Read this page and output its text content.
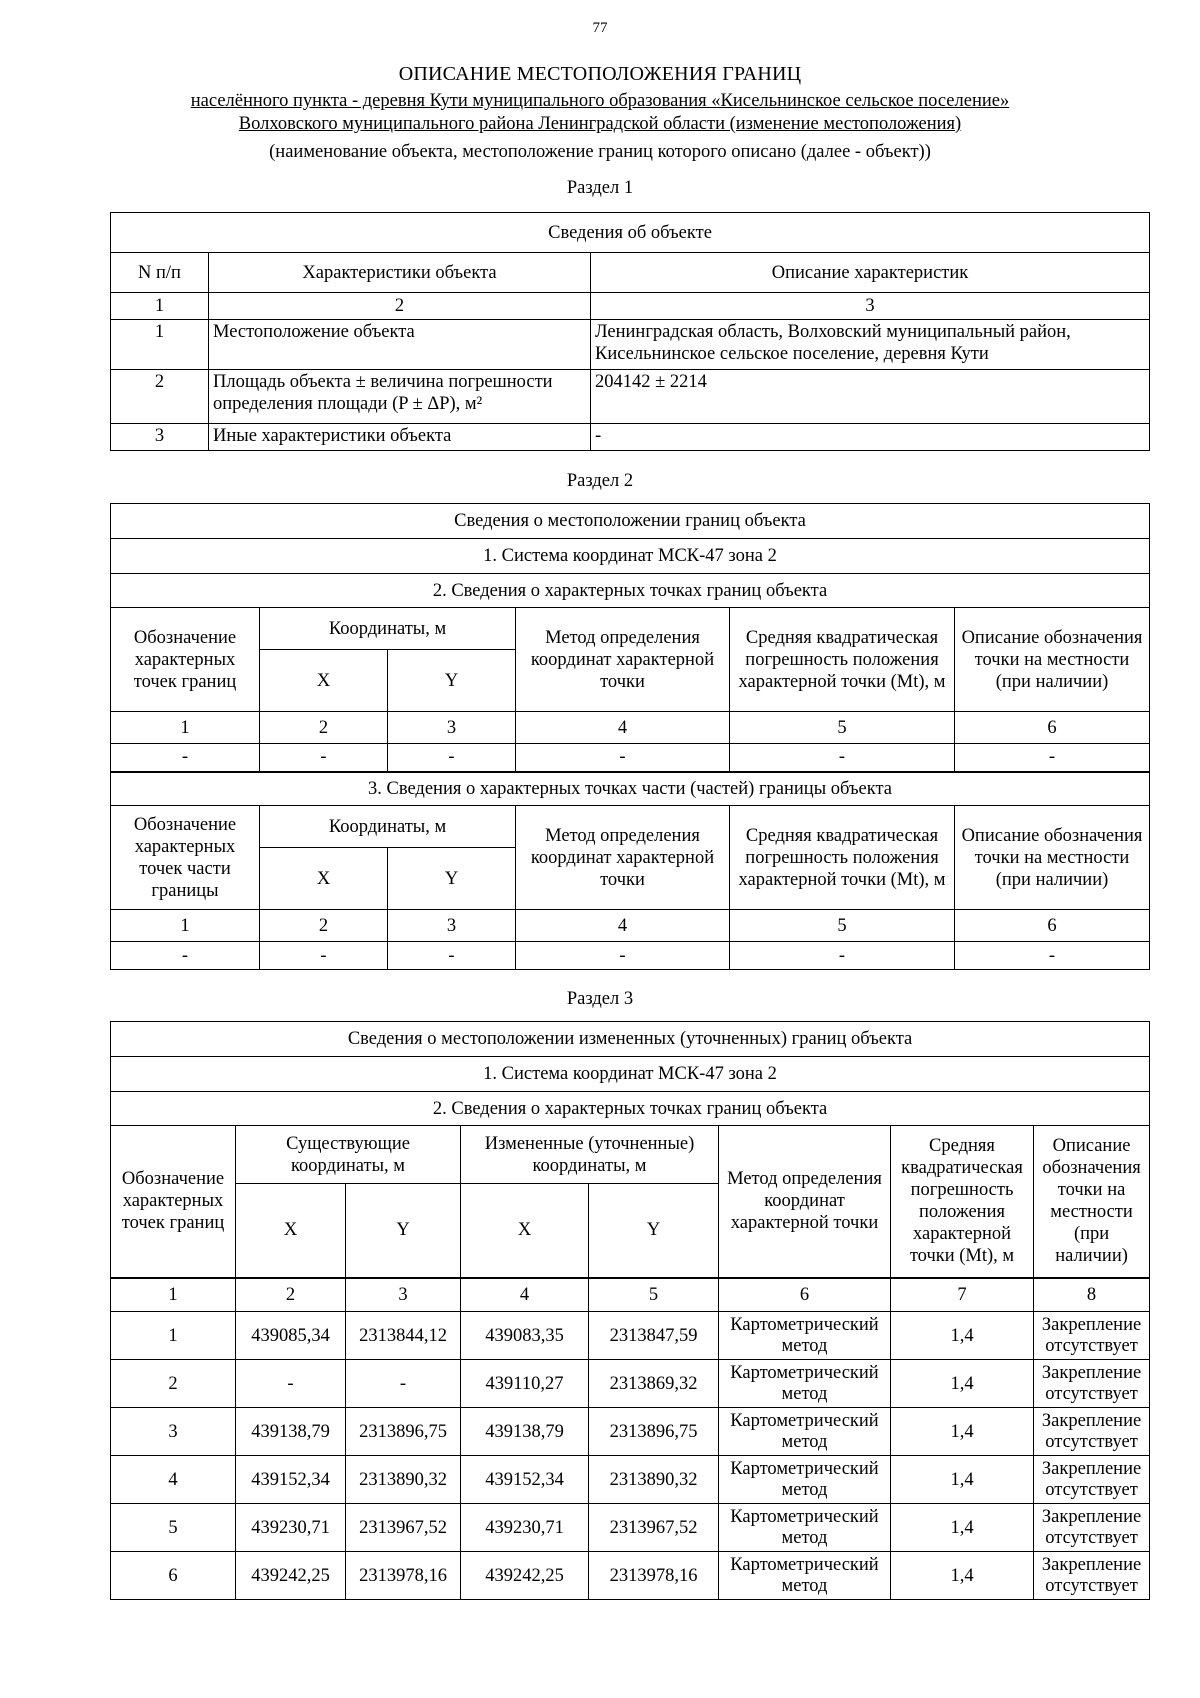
77
ОПИСАНИЕ МЕСТОПОЛОЖЕНИЯ ГРАНИЦ
населённого пункта - деревня Кути муниципального образования «Кисельнинское сельское поселение»
Волховского муниципального района Ленинградской области (изменение местоположения)
(наименование объекта, местоположение границ которого описано (далее - объект))
Раздел 1
Сведения об объекте		
N п/п	Характеристики объекта	Описание характеристик
1	2	3
1	Местоположение объекта	Ленинградская область, Волховский муниципальный район, Кисельнинское сельское поселение, деревня Кути
2	Площадь объекта ± величина погрешности определения площади (P ± ΔP), м²	204142 ± 2214
3	Иные характеристики объекта	-
Раздел 2
Сведения о местоположении границ объекта					
1. Система координат МСК-47 зона 2					
2. Сведения о характерных точках границ объекта					
Обозначение характерных точек границ	Координаты, м		Метод определения координат характерной точки	Средняя квадратическая погрешность положения характерной точки (Mt), м	Описание обозначения точки на местности (при наличии)
	X	Y			
1	2	3	4	5	6
-	-	-	-	-	-
3. Сведения о характерных точках части (частей) границы объекта					
Обозначение характерных точек части границы	Координаты, м		Метод определения координат характерной точки	Средняя квадратическая погрешность положения характерной точки (Mt), м	Описание обозначения точки на местности (при наличии)
	X	Y			
1	2	3	4	5	6
-	-	-	-	-	-
Раздел 3
Сведения о местоположении измененных (уточненных) границ объекта							
1. Система координат МСК-47 зона 2							
2. Сведения о характерных точках границ объекта							
Обозначение характерных точек границ	Существующие координаты, м		Измененные (уточненные) координаты, м		Метод определения координат характерной точки	Средняя квадратическая погрешность положения характерной точки (Mt), м	Описание обозначения точки на местности (при наличии)
	X	Y	X	Y			
1	2	3	4	5	6	7	8
1	439085,34	2313844,12	439083,35	2313847,59	Картометрический метод	1,4	Закрепление отсутствует
2	-	-	439110,27	2313869,32	Картометрический метод	1,4	Закрепление отсутствует
3	439138,79	2313896,75	439138,79	2313896,75	Картометрический метод	1,4	Закрепление отсутствует
4	439152,34	2313890,32	439152,34	2313890,32	Картометрический метод	1,4	Закрепление отсутствует
5	439230,71	2313967,52	439230,71	2313967,52	Картометрический метод	1,4	Закрепление отсутствует
6	439242,25	2313978,16	439242,25	2313978,16	Картометрический метод	1,4	Закрепление отсутствует
